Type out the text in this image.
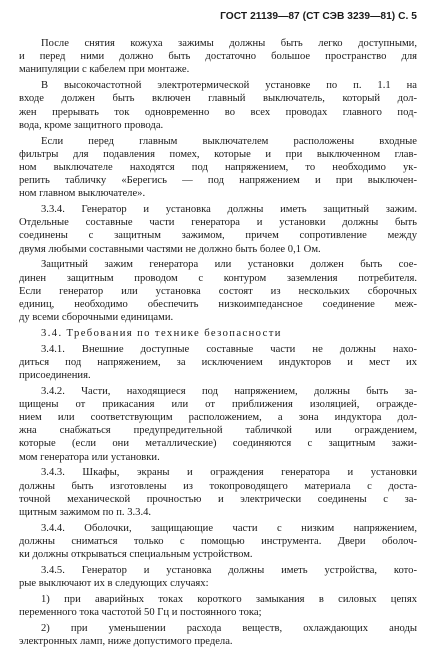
ГОСТ 21139—87 (СТ СЭВ 3239—81) С. 5
После снятия кожуха зажимы должны быть легко доступными,
и перед ними должно быть достаточно большое пространство для
манипуляции с кабелем при монтаже.
В высокочастотной электротермической установке по п. 1.1 на
входе должен быть включен главный выключатель, который дол-
жен прерывать ток одновременно во всех проводах главного под-
вода, кроме защитного провода.
Если перед главным выключателем расположены входные
фильтры для подавления помех, которые и при выключенном глав-
ном выключателе находятся под напряжением, то необходимо ук-
репить табличку «Берегись — под напряжением и при выключен-
ном главном выключателе».
3.3.4. Генератор и установка должны иметь защитный зажим.
Отдельные составные части генератора и установки должны быть
соединены с защитным зажимом, причем сопротивление между
двумя любыми составными частями не должно быть более 0,1 Ом.
Защитный зажим генератора или установки должен быть сое-
динен защитным проводом с контуром заземления потребителя.
Если генератор или установка состоят из нескольких сборочных
единиц, необходимо обеспечить низкоимпедансное соединение меж-
ду всеми сборочными единицами.
3.4. Требования по технике безопасности
3.4.1. Внешние доступные составные части не должны нахо-
диться под напряжением, за исключением индукторов и мест их
присоединения.
3.4.2. Части, находящиеся под напряжением, должны быть за-
щищены от прикасания или от приближения изоляцией, огражде-
нием или соответствующим расположением, а зона индуктора дол-
жна снабжаться предупредительной табличкой или ограждением,
которые (если они металлические) соединяются с защитным зажи-
мом генератора или установки.
3.4.3. Шкафы, экраны и ограждения генератора и установки
должны быть изготовлены из токопроводящего материала с доста-
точной механической прочностью и электрически соединены с за-
щитным зажимом по п. 3.3.4.
3.4.4. Оболочки, защищающие части с низким напряжением,
должны сниматься только с помощью инструмента. Двери оболоч-
ки должны открываться специальным устройством.
3.4.5. Генератор и установка должны иметь устройства, кото-
рые выключают их в следующих случаях:
1) при аварийных токах короткого замыкания в силовых цепях
переменного тока частотой 50 Гц и постоянного тока;
2) при уменьшении расхода веществ, охлаждающих аноды
электронных ламп, ниже допустимого предела.
